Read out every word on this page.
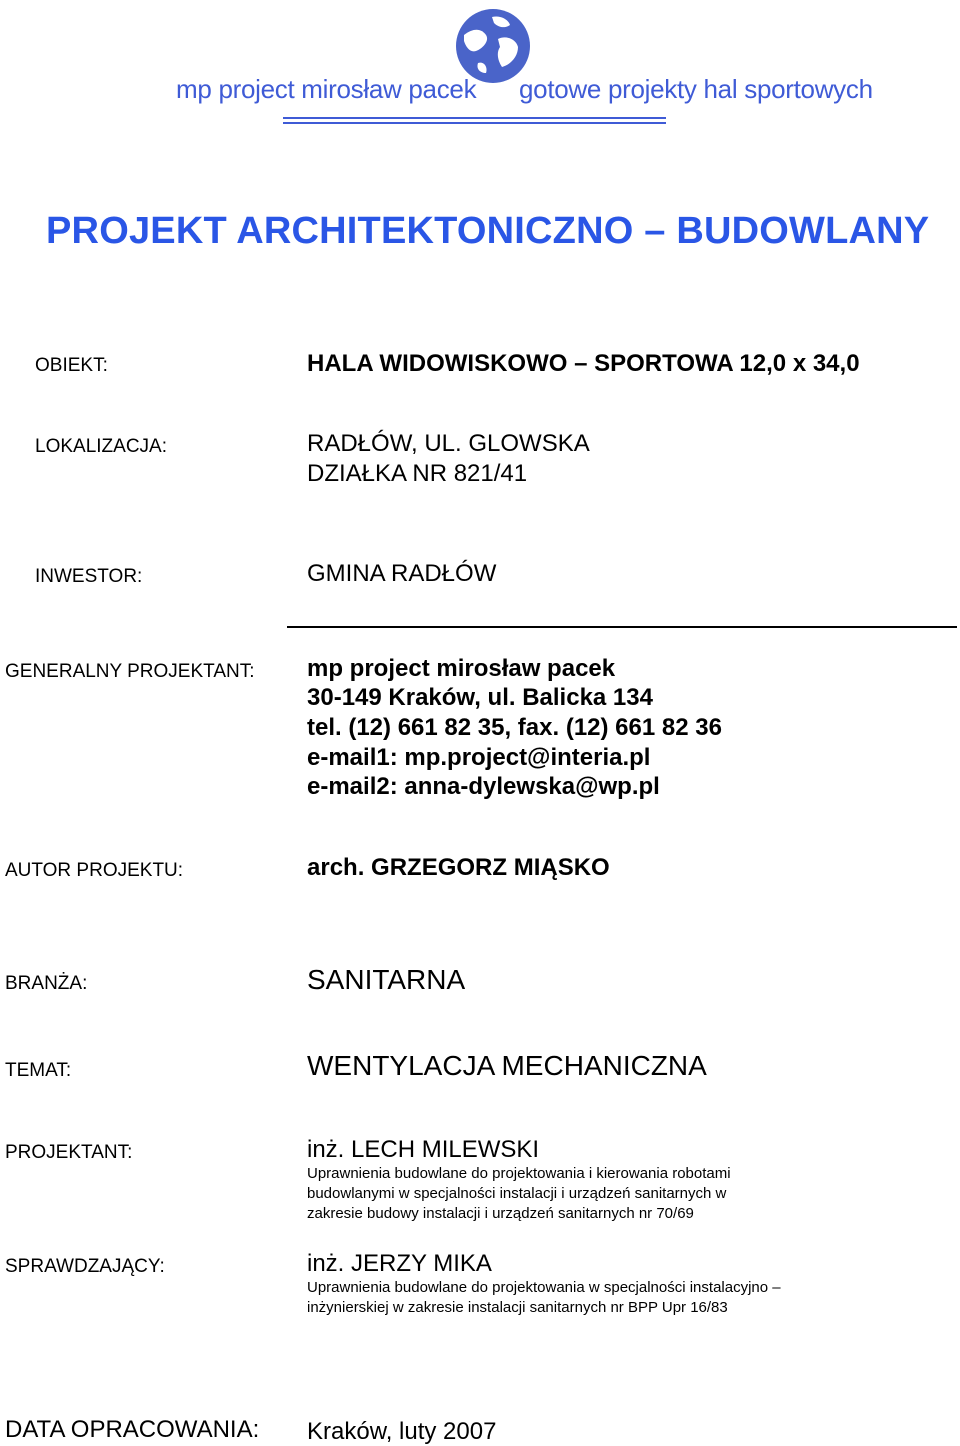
mp project mirosław pacek gotowe projekty hal sportowych
PROJEKT ARCHITEKTONICZNO – BUDOWLANY
OBIEKT:	HALA WIDOWISKOWO – SPORTOWA 12,0 x 34,0
LOKALIZACJA:	RADŁÓW, UL. GLOWSKA
DZIAŁKA NR 821/41
INWESTOR:	GMINA RADŁÓW
GENERALNY PROJEKTANT: mp project mirosław pacek
30-149 Kraków, ul. Balicka 134
tel. (12) 661 82 35, fax. (12) 661 82 36
e-mail1: mp.project@interia.pl
e-mail2: anna-dylewska@wp.pl
AUTOR PROJEKTU:	arch. GRZEGORZ MIĄSKO
BRANŻA:	SANITARNA
TEMAT:	WENTYLACJA MECHANICZNA
PROJEKTANT:	inż. LECH MILEWSKI
Uprawnienia budowlane do projektowania i kierowania robotami
budowlanymi w specjalności instalacji i urządzeń sanitarnych w
zakresie budowy instalacji i urządzeń sanitarnych nr 70/69
SPRAWDZAJĄCY:	inż. JERZY MIKA
Uprawnienia budowlane do projektowania w specjalności instalacyjno –
inżynierskiej w zakresie instalacji sanitarnych nr BPP Upr 16/83
DATA OPRACOWANIA: Kraków, luty 2007
